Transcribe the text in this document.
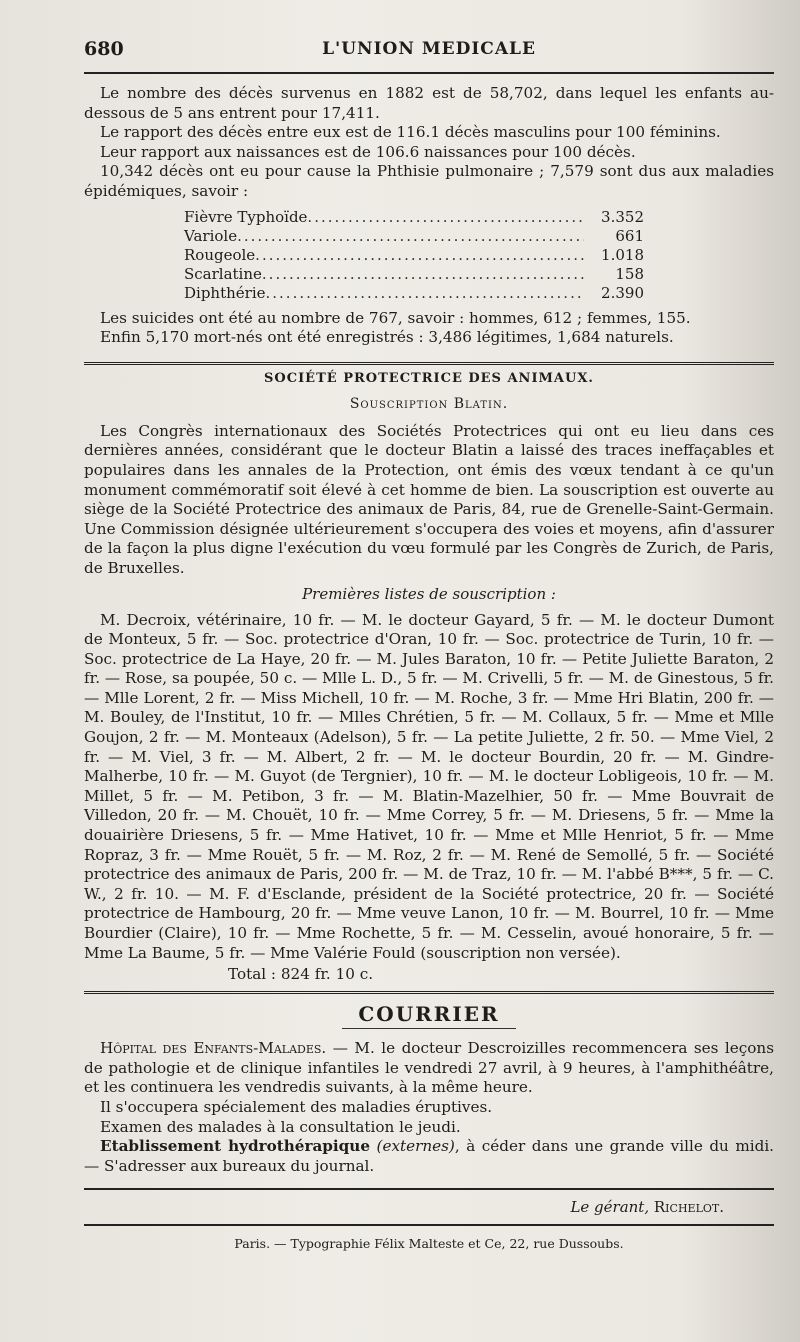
680	L'UNION MEDICALE

Le nombre des décès survenus en 1882 est de 58,702, dans lequel les enfants au-dessous de 5 ans entrent pour 17,411.

Le rapport des décès entre eux est de 116.1 décès masculins pour 100 féminins.

Leur rapport aux naissances est de 106.6 naissances pour 100 décès.

10,342 décès ont eu pour cause la Phthisie pulmonaire ; 7,579 sont dus aux maladies épidémiques, savoir :

Fièvre Typhoïde .....	3.352
Variole .....	661
Rougeole .....	1.018
Scarlatine .....	158
Diphthérie .....	2.390

Les suicides ont été au nombre de 767, savoir : hommes, 612 ; femmes, 155.

Enfin 5,170 mort-nés ont été enregistrés : 3,486 légitimes, 1,684 naturels.

SOCIÉTÉ PROTECTRICE DES ANIMAUX.
Souscription Blatin.

Les Congrès internationaux des Sociétés Protectrices qui ont eu lieu dans ces dernières années, considérant que le docteur Blatin a laissé des traces ineffaçables et populaires dans les annales de la Protection, ont émis des vœux tendant à ce qu'un monument commémoratif soit élevé à cet homme de bien. La souscription est ouverte au siège de la Société Protectrice des animaux de Paris, 84, rue de Grenelle-Saint-Germain. Une Commission désignée ultérieurement s'occupera des voies et moyens, afin d'assurer de la façon la plus digne l'exécution du vœu formulé par les Congrès de Zurich, de Paris, de Bruxelles.

Premières listes de souscription :

M. Decroix, vétérinaire, 10 fr. — M. le docteur Gayard, 5 fr. — M. le docteur Dumont de Monteux, 5 fr. — Soc. protectrice d'Oran, 10 fr. — Soc. protectrice de Turin, 10 fr. — Soc. protectrice de La Haye, 20 fr. — M. Jules Baraton, 10 fr. — Petite Juliette Baraton, 2 fr. — Rose, sa poupée, 50 c. — Mlle L. D., 5 fr. — M. Crivelli, 5 fr. — M. de Ginestous, 5 fr. — Mlle Lorent, 2 fr. — Miss Michell, 10 fr. — M. Roche, 3 fr. — Mme Hri Blatin, 200 fr. — M. Bouley, de l'Institut, 10 fr. — Mlles Chrétien, 5 fr. — M. Collaux, 5 fr. — Mme et Mlle Goujon, 2 fr. — M. Monteaux (Adelson), 5 fr. — La petite Juliette, 2 fr. 50. — Mme Viel, 2 fr. — M. Viel, 3 fr. — M. Albert, 2 fr. — M. le docteur Bourdin, 20 fr. — M. Gindre-Malherbe, 10 fr. — M. Guyot (de Tergnier), 10 fr. — M. le docteur Lobligeois, 10 fr. — M. Millet, 5 fr. — M. Petibon, 3 fr. — M. Blatin-Mazelhier, 50 fr. — Mme Bouvrait de Villedon, 20 fr. — M. Chouët, 10 fr. — Mme Correy, 5 fr. — M. Driesens, 5 fr. — Mme la douairière Driesens, 5 fr. — Mme Hativet, 10 fr. — Mme et Mlle Henriot, 5 fr. — Mme Ropraz, 3 fr. — Mme Rouët, 5 fr. — M. Roz, 2 fr. — M. René de Semollé, 5 fr. — Société protectrice des animaux de Paris, 200 fr. — M. de Traz, 10 fr. — M. l'abbé B***, 5 fr. — C. W., 2 fr. 10. — M. F. d'Esclande, président de la Société protectrice, 20 fr. — Société protectrice de Hambourg, 20 fr. — Mme veuve Lanon, 10 fr. — M. Bourrel, 10 fr. — Mme Bourdier (Claire), 10 fr. — Mme Rochette, 5 fr. — M. Cesselin, avoué honoraire, 5 fr. — Mme La Baume, 5 fr. — Mme Valérie Fould (souscription non versée).

Total : 824 fr. 10 c.
COURRIER

Hôpital des Enfants-Malades. — M. le docteur Descroizilles recommencera ses leçons de pathologie et de clinique infantiles le vendredi 27 avril, à 9 heures, à l'amphithéâtre, et les continuera les vendredis suivants, à la même heure.

Il s'occupera spécialement des maladies éruptives.

Examen des malades à la consultation le jeudi.

Etablissement hydrothérapique (externes), à céder dans une grande ville du midi. — S'adresser aux bureaux du journal.

Le gérant, Richelot.
Paris. — Typographie Félix Malteste et Ce, 22, rue Dussoubs.
